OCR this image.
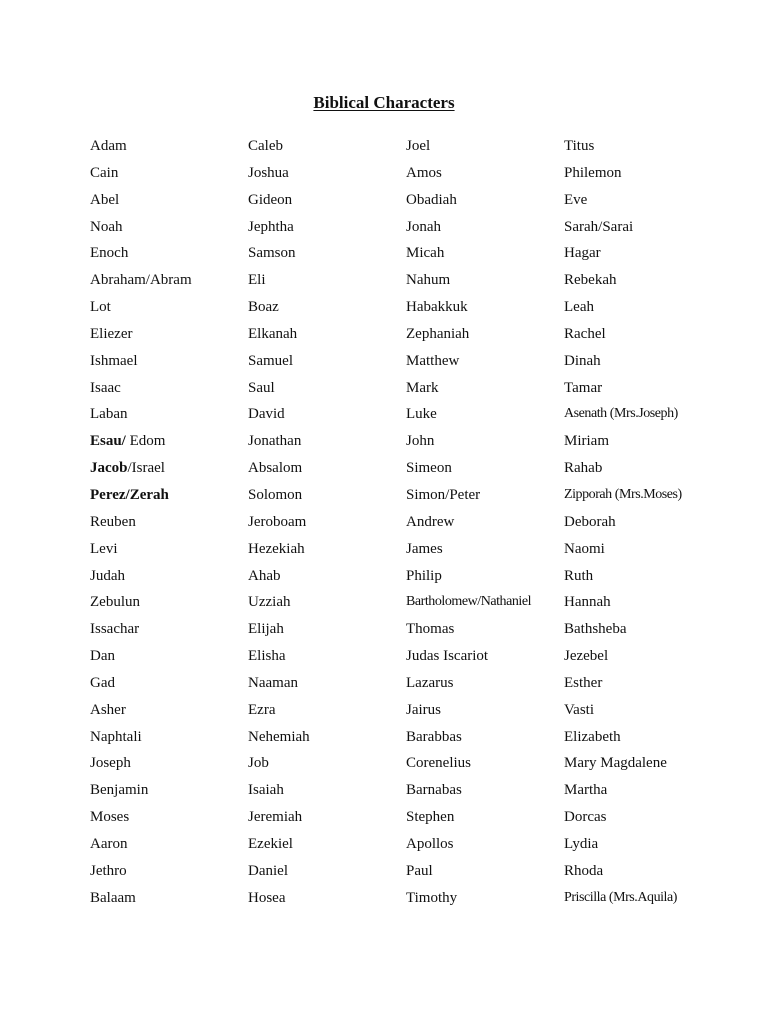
Biblical Characters
Adam
Cain
Abel
Noah
Enoch
Abraham/Abram
Lot
Eliezer
Ishmael
Isaac
Laban
Esau/ Edom
Jacob/Israel
Perez/Zerah
Reuben
Levi
Judah
Zebulun
Issachar
Dan
Gad
Asher
Naphtali
Joseph
Benjamin
Moses
Aaron
Jethro
Balaam
Caleb
Joshua
Gideon
Jephtha
Samson
Eli
Boaz
Elkanah
Samuel
Saul
David
Jonathan
Absalom
Solomon
Jeroboam
Hezekiah
Ahab
Uzziah
Elijah
Elisha
Naaman
Ezra
Nehemiah
Job
Isaiah
Jeremiah
Ezekiel
Daniel
Hosea
Joel
Amos
Obadiah
Jonah
Micah
Nahum
Habakkuk
Zephaniah
Matthew
Mark
Luke
John
Simeon
Simon/Peter
Andrew
James
Philip
Bartholomew/Nathaniel
Thomas
Judas Iscariot
Lazarus
Jairus
Barabbas
Corenelius
Barnabas
Stephen
Apollos
Paul
Timothy
Titus
Philemon
Eve
Sarah/Sarai
Hagar
Rebekah
Leah
Rachel
Dinah
Tamar
Asenath (Mrs.Joseph)
Miriam
Rahab
Zipporah (Mrs.Moses)
Deborah
Naomi
Ruth
Hannah
Bathsheba
Jezebel
Esther
Vasti
Elizabeth
Mary Magdalene
Martha
Dorcas
Lydia
Rhoda
Priscilla (Mrs.Aquila)
